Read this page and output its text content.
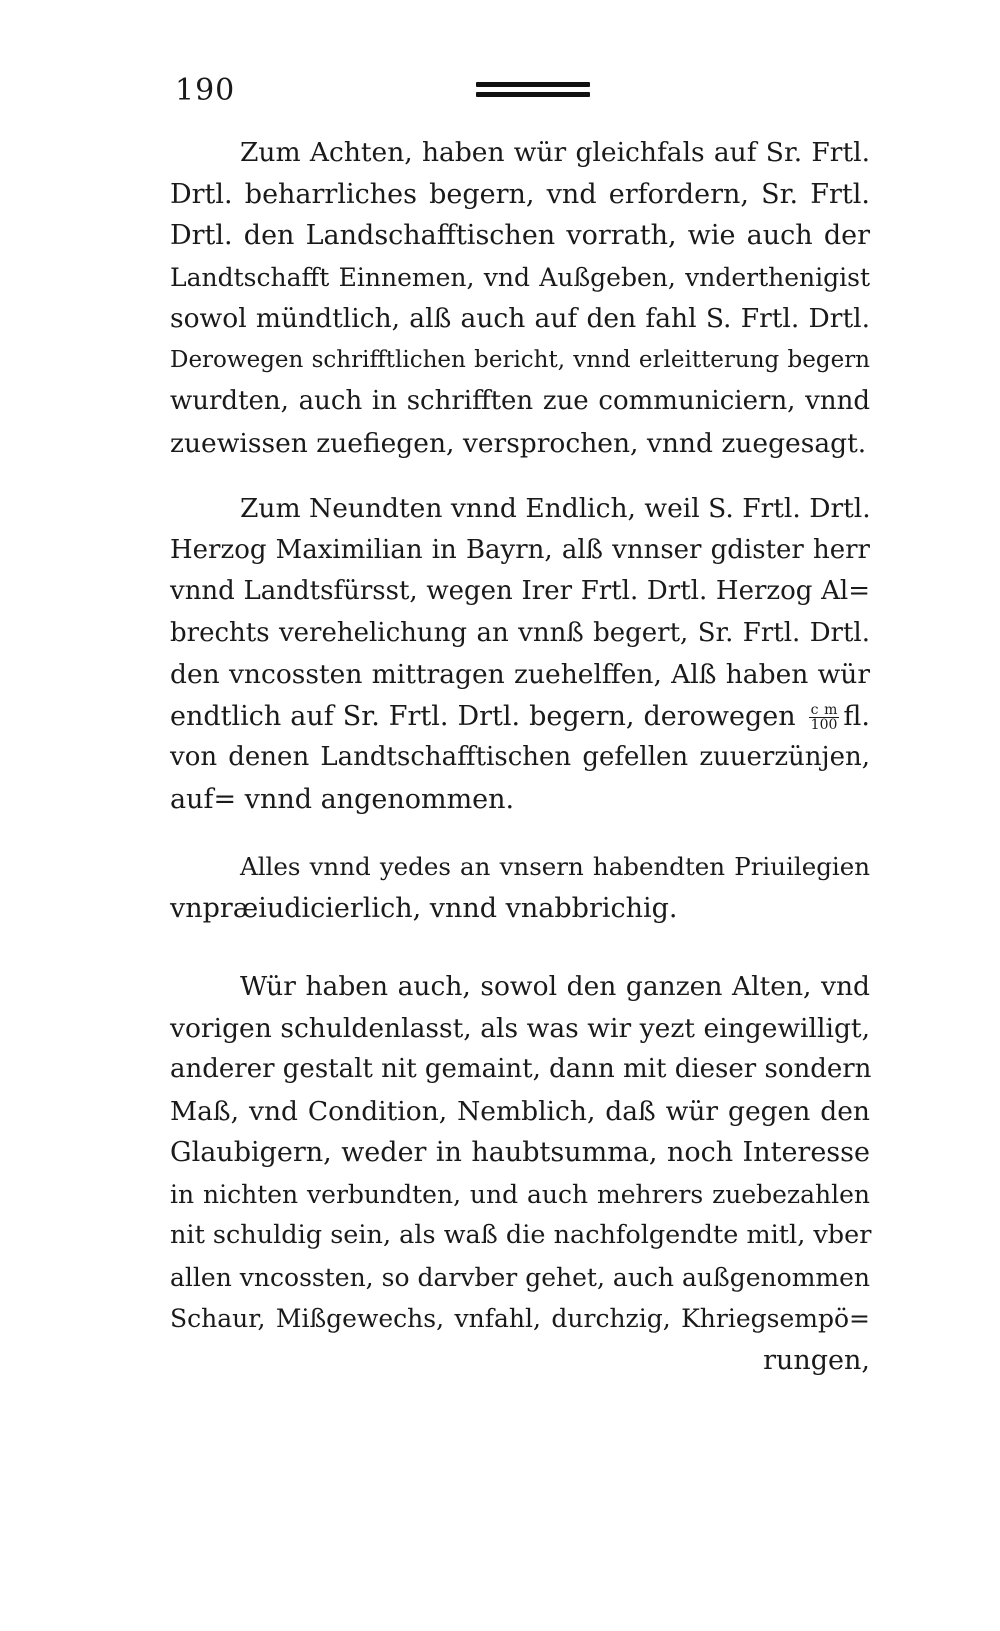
190
Zum Achten, haben wür gleichfals auf Sr. Frtl.
Drtl. beharrliches begern, vnd erfordern, Sr. Frtl.
Drtl. den Landschafftischen vorrath, wie auch der
Landtschafft Einnemen, vnd Außgeben, vnderthenigist
sowol mündtlich, alß auch auf den fahl S. Frtl. Drtl.
Derowegen schrifftlichen bericht, vnnd erleitterung begern
wurdten, auch in schrifften zue communiciern, vnnd
zuewissen zuefiegen, versprochen, vnnd zuegesagt.
Zum Neundten vnnd Endlich, weil S. Frtl. Drtl.
Herzog Maximilian in Bayrn, alß vnnser gdister herr
vnnd Landtsfürsst, wegen Irer Frtl. Drtl. Herzog Al=
brechts verehelichung an vnnß begert, Sr. Frtl. Drtl.
den vncossten mittragen zuehelffen, Alß haben wür
endtlich auf Sr. Frtl. Drtl. begern, derowegen $\frac{\text{c m}}{100}$ fl.
von denen Landtschafftischen gefellen zuuerzünjen,
auf= vnnd angenommen.
Alles vnnd yedes an vnsern habendten Priuilegien
vnpræiudicierlich, vnnd vnabbrichig.
Wür haben auch, sowol den ganzen Alten, vnd
vorigen schuldenlasst, als was wir yezt eingewilligt,
anderer gestalt nit gemaint, dann mit dieser sondern
Maß, vnd Condition, Nemblich, daß wür gegen den
Glaubigern, weder in haubtsumma, noch Interesse
in nichten verbundten, und auch mehrers zuebezahlen
nit schuldig sein, als waß die nachfolgendte mitl, vber
allen vncossten, so darvber gehet, auch außgenommen
Schaur, Mißgewechs, vnfahl, durchzig, Khriegsempö=
rungen,
